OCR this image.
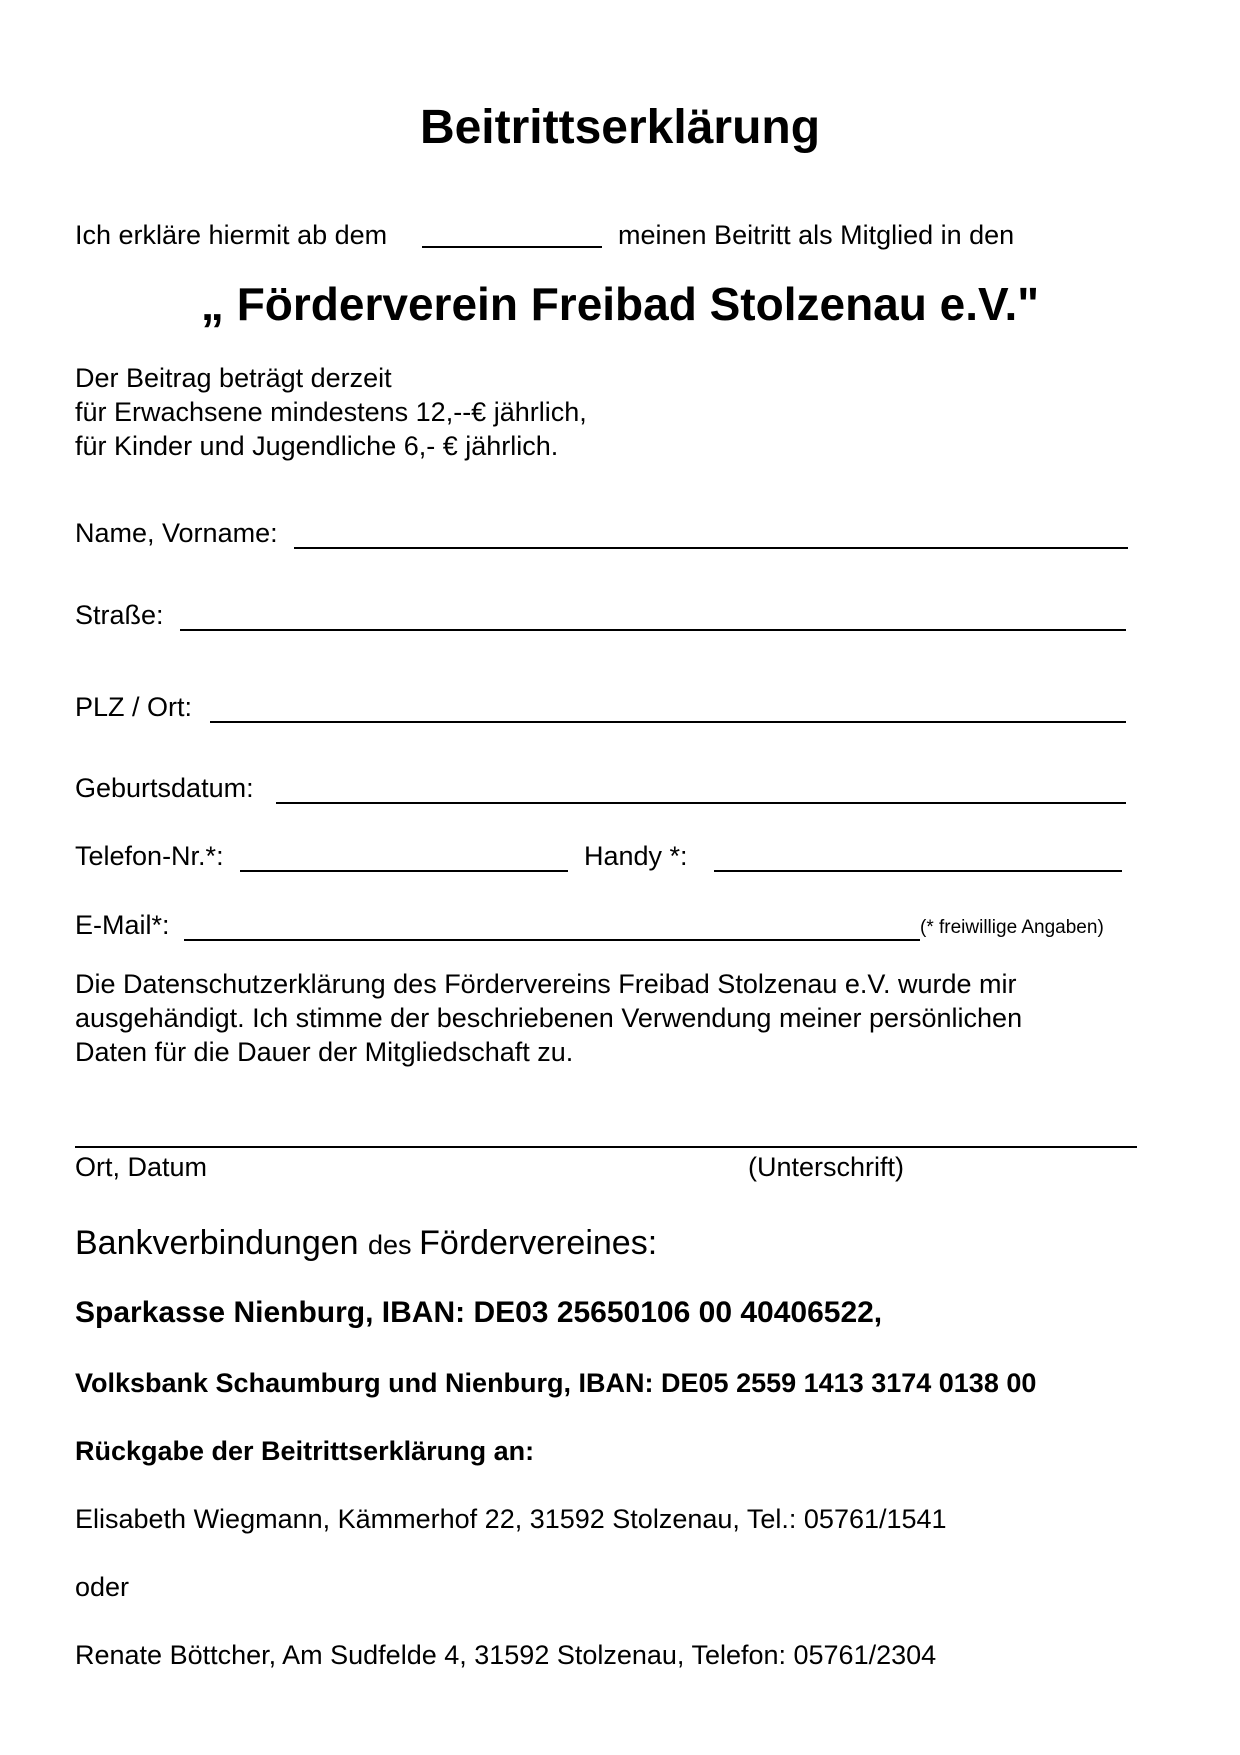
Beitrittserklärung
Ich erkläre hiermit ab dem	meinen Beitritt als Mitglied in den
„ Förderverein Freibad Stolzenau e.V."
Der Beitrag beträgt derzeit
für Erwachsene mindestens 12,--€ jährlich,
für Kinder und Jugendliche 6,- € jährlich.
Name, Vorname:
Straße:
PLZ / Ort:
Geburtsdatum:
Telefon-Nr.*:	Handy *:
E-Mail*:	(* freiwillige Angaben)
Die Datenschutzerklärung des Fördervereins Freibad Stolzenau e.V. wurde mir
ausgehändigt. Ich stimme der beschriebenen Verwendung meiner persönlichen
Daten für die Dauer der Mitgliedschaft zu.
Ort, Datum	(Unterschrift)
Bankverbindungen des Fördervereines:
Sparkasse Nienburg, IBAN: DE03 25650106 00 40406522,
Volksbank Schaumburg und Nienburg, IBAN: DE05 2559 1413 3174 0138 00
Rückgabe der Beitrittserklärung an:
Elisabeth Wiegmann, Kämmerhof 22, 31592 Stolzenau, Tel.: 05761/1541
oder
Renate Böttcher, Am Sudfelde 4, 31592 Stolzenau, Telefon: 05761/2304
